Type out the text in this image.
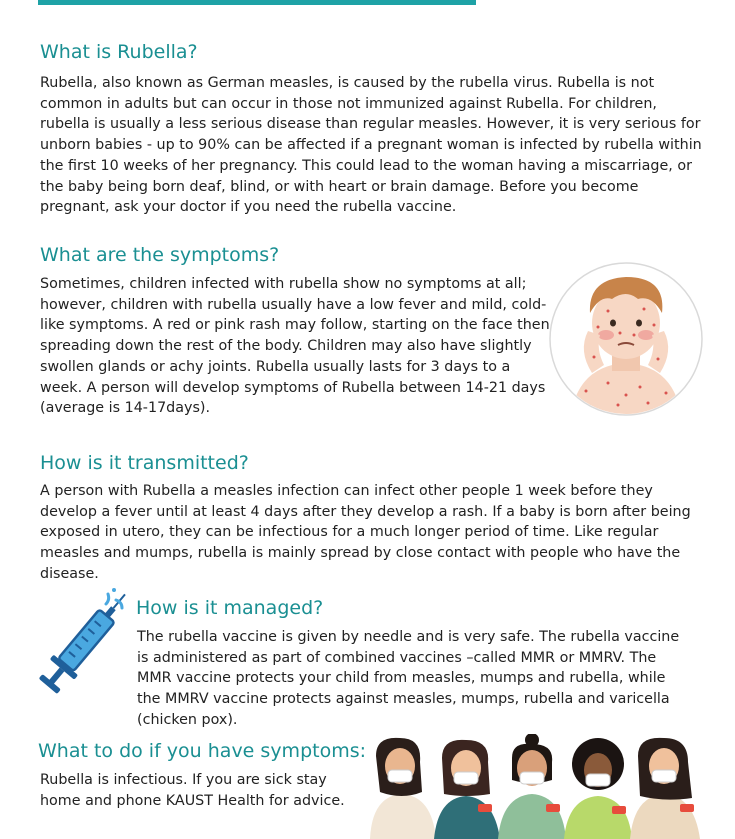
What is Rubella?

Rubella, also known as German measles, is caused by the rubella virus. Rubella is not common in adults but can occur in those not immunized against Rubella. For children, rubella is usually a less serious disease than regular measles. However, it is very serious for unborn babies - up to 90% can be affected if a pregnant woman is infected by rubella within the first 10 weeks of her pregnancy. This could lead to the woman having a miscarriage, or the baby being born deaf, blind, or with heart or brain damage. Before you become pregnant, ask your doctor if you need the rubella vaccine.

What are the symptoms?

Sometimes, children infected with rubella show no symptoms at all; however, children with rubella usually have a low fever and mild, cold-like symptoms. A red or pink rash may follow, starting on the face then spreading down the rest of the body. Children may also have slightly swollen glands or achy joints. Rubella usually lasts for 3 days to a week. A person will develop symptoms of Rubella between 14-21 days (average is 14-17days).

How is it transmitted?

A person with Rubella a measles infection can infect other people 1 week before they develop a fever until at least 4 days after they develop a rash. If a baby is born after being exposed in utero, they can be infectious for a much longer period of time. Like regular measles and mumps, rubella is mainly spread by close contact with people who have the disease.

How is it managed?

The rubella vaccine is given by needle and is very safe. The rubella vaccine is administered as part of combined vaccines –called MMR or MMRV. The MMR vaccine protects your child from measles, mumps and rubella, while the MMRV vaccine protects against measles, mumps, rubella and varicella (chicken pox).

What to do if you have symptoms:

Rubella is infectious. If you are sick stay home and phone KAUST Health for advice.
